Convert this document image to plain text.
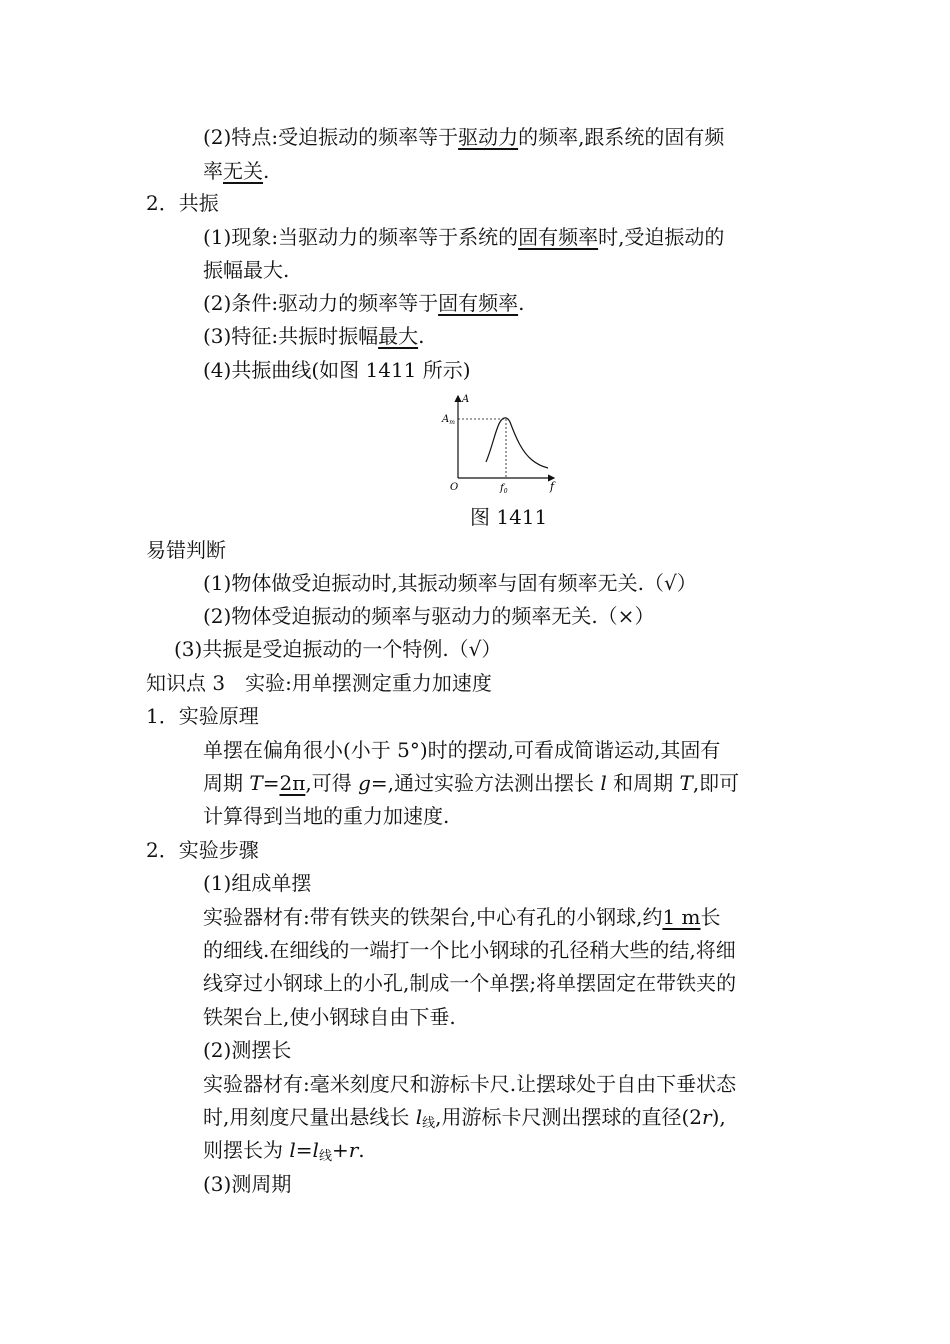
(2)特点:受迫振动的频率等于驱动力的频率,跟系统的固有频
率无关.
2．共振
(1)现象:当驱动力的频率等于系统的固有频率时,受迫振动的
振幅最大.
(2)条件:驱动力的频率等于固有频率.
(3)特征:共振时振幅最大.
(4)共振曲线(如图 1411 所示)
A
f
O
$A_m$
$f_0$
图 1411
易错判断
(1)物体做受迫振动时,其振动频率与固有频率无关.（√）
(2)物体受迫振动的频率与驱动力的频率无关.（×）
(3)共振是受迫振动的一个特例.（√）
知识点 3　实验:用单摆测定重力加速度
1．实验原理
单摆在偏角很小(小于 5°)时的摆动,可看成简谐运动,其固有
周期 T=2π,可得 g=,通过实验方法测出摆长 l 和周期 T,即可
计算得到当地的重力加速度.
2．实验步骤
(1)组成单摆
实验器材有:带有铁夹的铁架台,中心有孔的小钢球,约1 m长
的细线.在细线的一端打一个比小钢球的孔径稍大些的结,将细
线穿过小钢球上的小孔,制成一个单摆;将单摆固定在带铁夹的
铁架台上,使小钢球自由下垂.
(2)测摆长
实验器材有:毫米刻度尺和游标卡尺.让摆球处于自由下垂状态
时,用刻度尺量出悬线长 $l_线$,用游标卡尺测出摆球的直径(2r),
则摆长为 $l=l_线+r$.
(3)测周期
